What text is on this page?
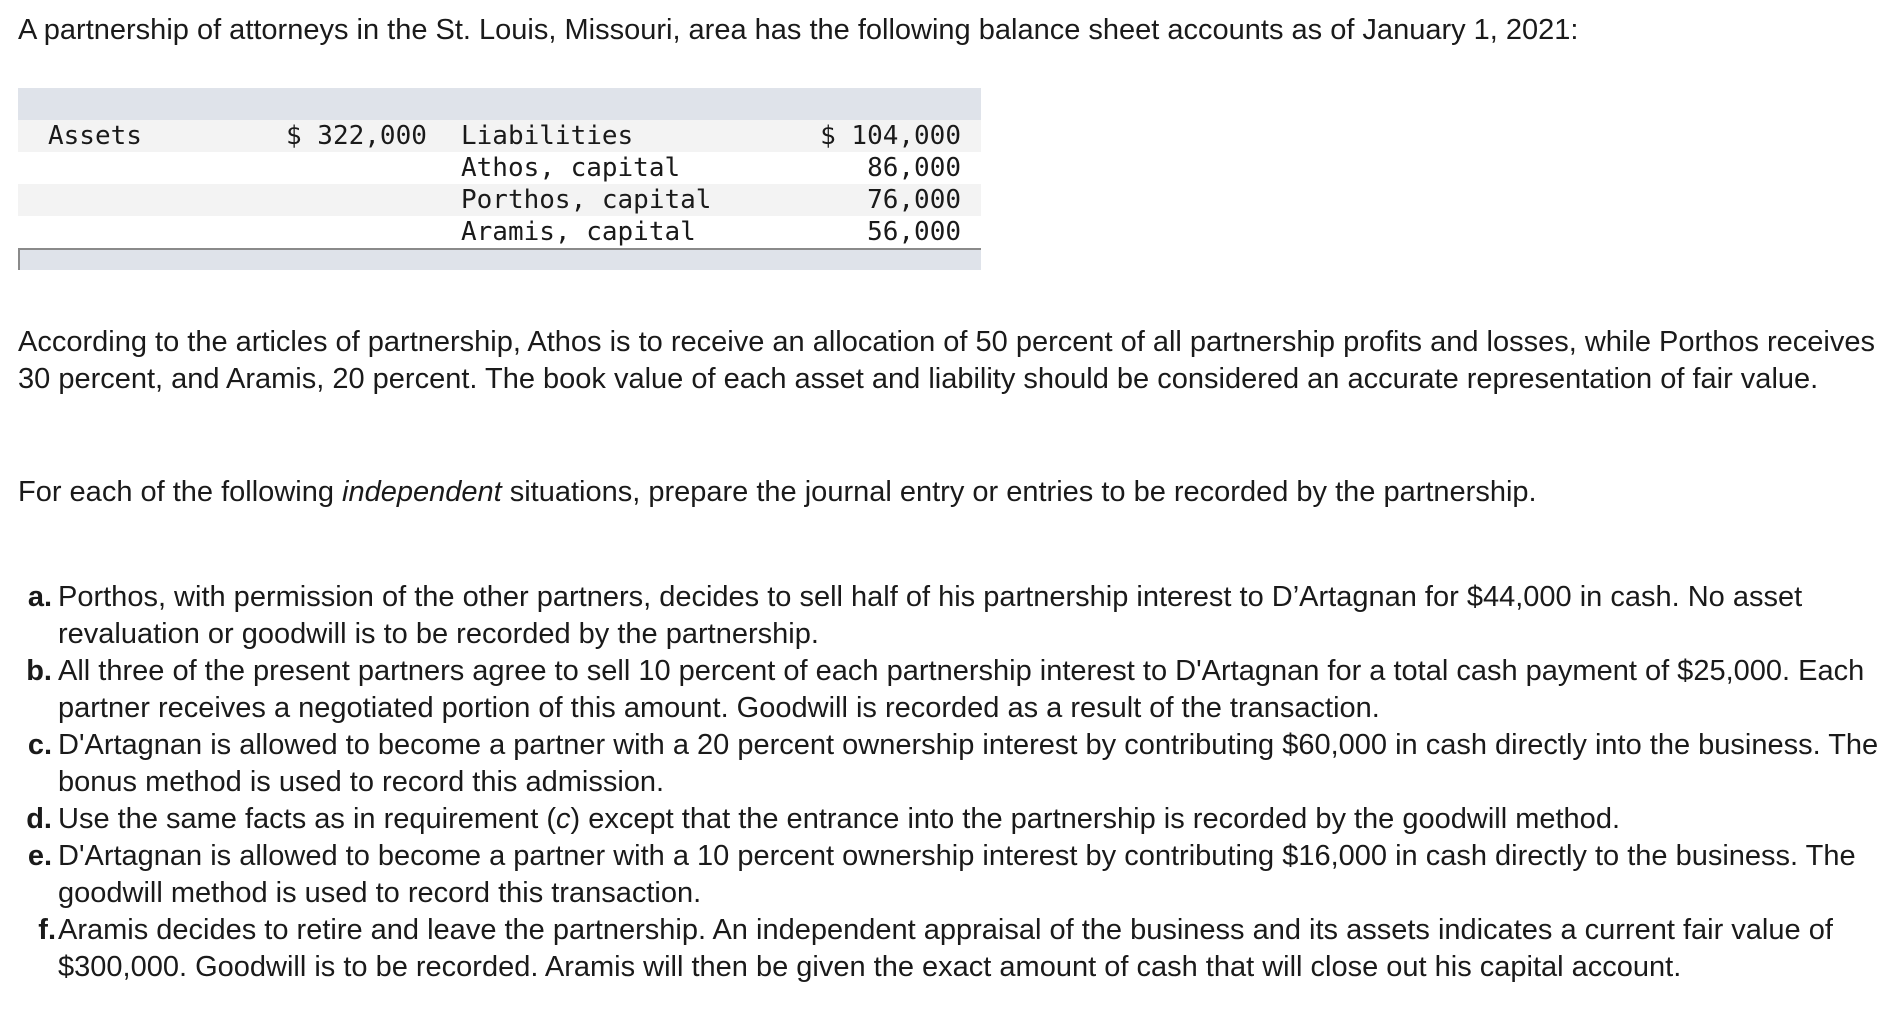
A partnership of attorneys in the St. Louis, Missouri, area has the following balance sheet accounts as of January 1, 2021:
Assets	$ 322,000 Liabilities	$ 104,000
Athos, capital	86,000
Porthos, capital	76,000
Aramis, capital	56,000
According to the articles of partnership, Athos is to receive an allocation of 50 percent of all partnership profits and losses, while Porthos receives 30 percent, and Aramis, 20 percent. The book value of each asset and liability should be considered an accurate representation of fair value.
For each of the following independent situations, prepare the journal entry or entries to be recorded by the partnership.
a. Porthos, with permission of the other partners, decides to sell half of his partnership interest to D’Artagnan for $44,000 in cash. No asset revaluation or goodwill is to be recorded by the partnership.
b. All three of the present partners agree to sell 10 percent of each partnership interest to D'Artagnan for a total cash payment of $25,000. Each partner receives a negotiated portion of this amount. Goodwill is recorded as a result of the transaction.
c. D'Artagnan is allowed to become a partner with a 20 percent ownership interest by contributing $60,000 in cash directly into the business. The bonus method is used to record this admission.
d. Use the same facts as in requirement (c) except that the entrance into the partnership is recorded by the goodwill method.
e. D'Artagnan is allowed to become a partner with a 10 percent ownership interest by contributing $16,000 in cash directly to the business. The goodwill method is used to record this transaction.
f. Aramis decides to retire and leave the partnership. An independent appraisal of the business and its assets indicates a current fair value of $300,000. Goodwill is to be recorded. Aramis will then be given the exact amount of cash that will close out his capital account.
